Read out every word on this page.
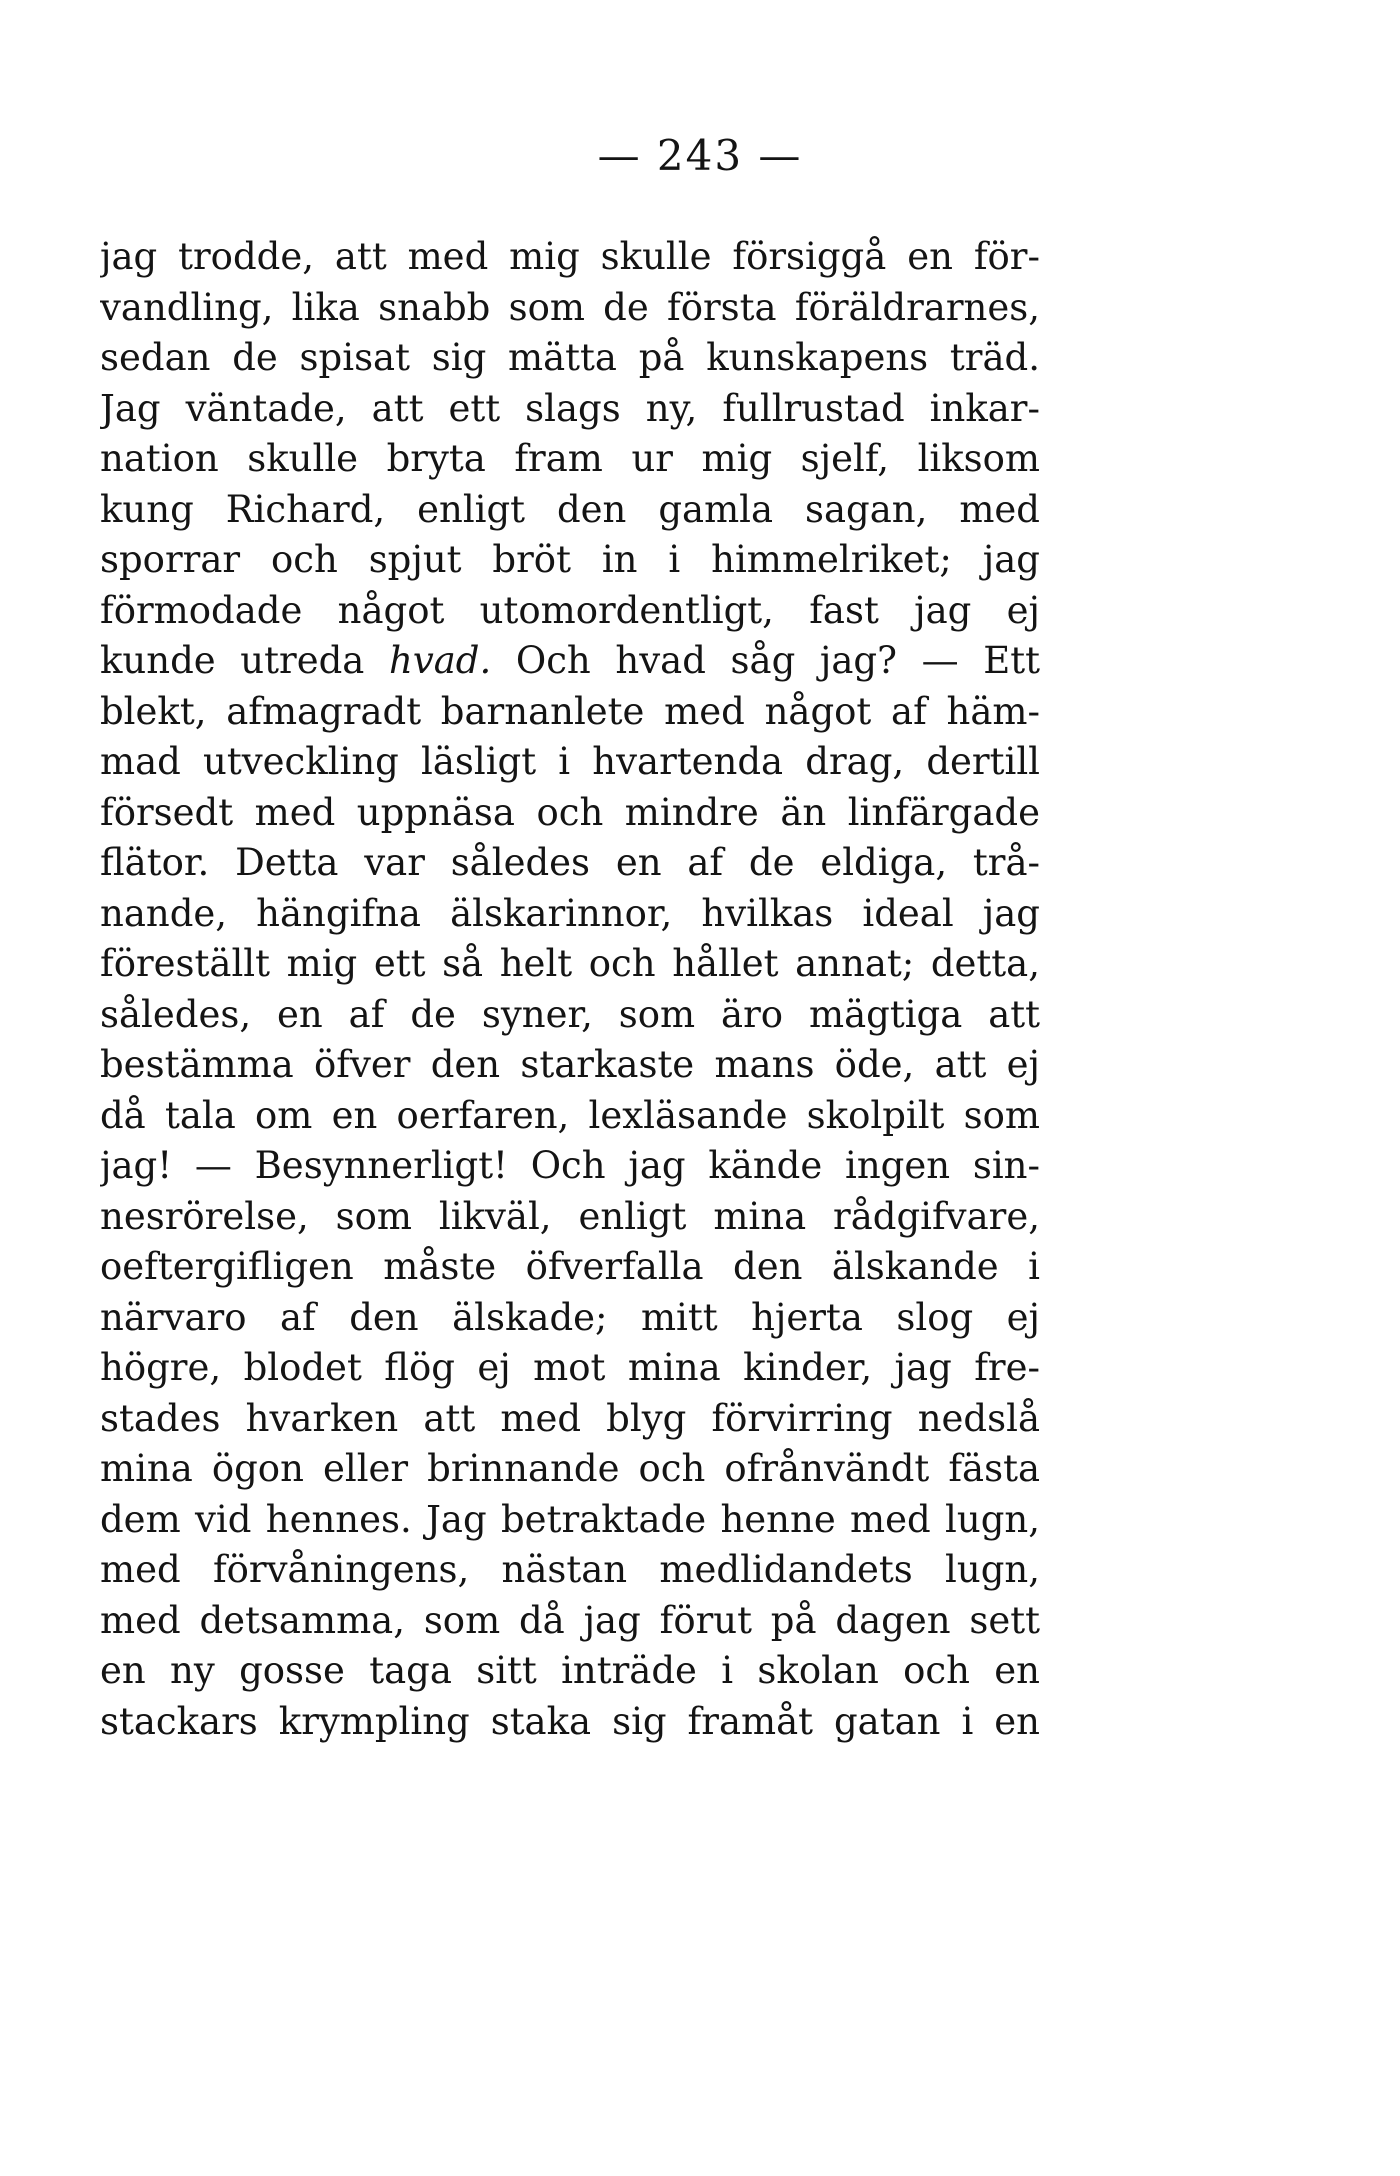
— 243 —
jag trodde, att med mig skulle försiggå en för-
vandling, lika snabb som de första föräldrarnes,
sedan de spisat sig mätta på kunskapens träd.
Jag väntade, att ett slags ny, fullrustad inkar-
nation skulle bryta fram ur mig sjelf, liksom
kung Richard, enligt den gamla sagan, med
sporrar och spjut bröt in i himmelriket; jag
förmodade något utomordentligt, fast jag ej
kunde utreda hvad. Och hvad såg jag? — Ett
blekt, afmagradt barnanlete med något af häm-
mad utveckling läsligt i hvartenda drag, dertill
försedt med uppnäsa och mindre än linfärgade
flätor. Detta var således en af de eldiga, trå-
nande, hängifna älskarinnor, hvilkas ideal jag
föreställt mig ett så helt och hållet annat; detta,
således, en af de syner, som äro mägtiga att
bestämma öfver den starkaste mans öde, att ej
då tala om en oerfaren, lexläsande skolpilt som
jag! — Besynnerligt! Och jag kände ingen sin-
nesrörelse, som likväl, enligt mina rådgifvare,
oeftergifligen måste öfverfalla den älskande i
närvaro af den älskade; mitt hjerta slog ej
högre, blodet flög ej mot mina kinder, jag fre-
stades hvarken att med blyg förvirring nedslå
mina ögon eller brinnande och ofrånvändt fästa
dem vid hennes. Jag betraktade henne med lugn,
med förvåningens, nästan medlidandets lugn,
med detsamma, som då jag förut på dagen sett
en ny gosse taga sitt inträde i skolan och en
stackars krympling staka sig framåt gatan i en
